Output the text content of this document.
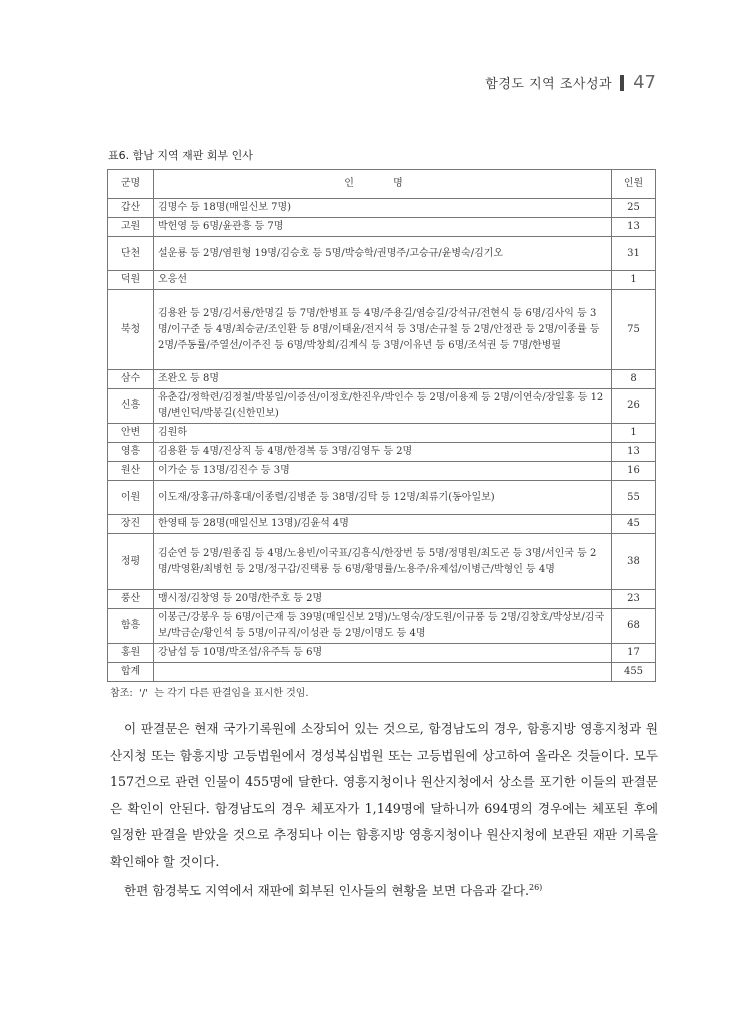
함경도 지역 조사성과 47
표6. 함남 지역 재판 회부 인사
군명	인 명	인원
갑산	김명수 등 18명(매일신보 7명)	25
고원	박헌영 등 6명/윤관흥 등 7명	13
단천	설운룡 등 2명/염원형 19명/김승호 등 5명/박승학/권명주/고승규/윤병숙/김기오	31
덕원	오응선	1
북청	김용완 등 2명/김서룡/한명길 등 7명/한병표 등 4명/주용길/염승길/강석규/전현식 등 6명/김사익 등 3명/이구준 등 4명/최승균/조인환 등 8명/이태윤/전지석 등 3명/손규철 등 2명/안정관 등 2명/이종률 등 2명/주동률/주열선/이주진 등 6명/박창희/김계식 등 3명/이유년 등 6명/조석권 등 7명/한병필	75
삼수	조완오 등 8명	8
신흥	유춘갑/정학련/김정철/박봉일/이증선/이정호/한진우/박인수 등 2명/이용제 등 2명/이연숙/장일홍 등 12명/변인덕/박봉길(신한민보)	26
안변	김원하	1
영흥	김용환 등 4명/진상직 등 4명/한경복 등 3명/김영두 등 2명	13
원산	이가순 등 13명/김진수 등 3명	16
이원	이도재/장홍규/하홍대/이종렬/김병준 등 38명/김탁 등 12명/최류기(동아일보)	55
장진	한영태 등 28명(매일신보 13명)/김윤석 4명	45
정평	김순연 등 2명/원종집 등 4명/노용빈/이국표/김흥식/한장번 등 5명/정명원/최도곤 등 3명/서인국 등 2명/박영환/최병헌 등 2명/정구갑/진택룡 등 6명/황명률/노용주/유제섭/이병근/박형인 등 4명	38
풍산	맹시정/김창영 등 20명/한주호 등 2명	23
함흥	이봉근/강봉우 등 6명/이근재 등 39명(매일신보 2명)/노영숙/장도원/이규풍 등 2명/김창호/박상보/김국보/박금순/황인석 등 5명/이규직/이성관 등 2명/이명도 등 4명	68
홍원	강남섭 등 10명/박조섭/유주득 등 6명	17
합계		455
참조:  '/'  는 각기 다른 판결임을 표시한 것임.

이 판결문은 현재 국가기록원에 소장되어 있는 것으로, 함경남도의 경우, 함흥지방 영흥지청과 원산지청 또는 함흥지방 고등법원에서 경성복심법원 또는 고등법원에 상고하여 올라온 것들이다. 모두 157건으로 관련 인물이 455명에 달한다. 영흥지청이나 원산지청에서 상소를 포기한 이들의 판결문은 확인이 안된다. 함경남도의 경우 체포자가 1,149명에 달하니까 694명의 경우에는 체포된 후에 일정한 판결을 받았을 것으로 추정되나 이는 함흥지방 영흥지청이나 원산지청에 보관된 재판 기록을 확인해야 할 것이다.

한편 함경북도 지역에서 재판에 회부된 인사들의 현황을 보면 다음과 같다.$^{26)}$
